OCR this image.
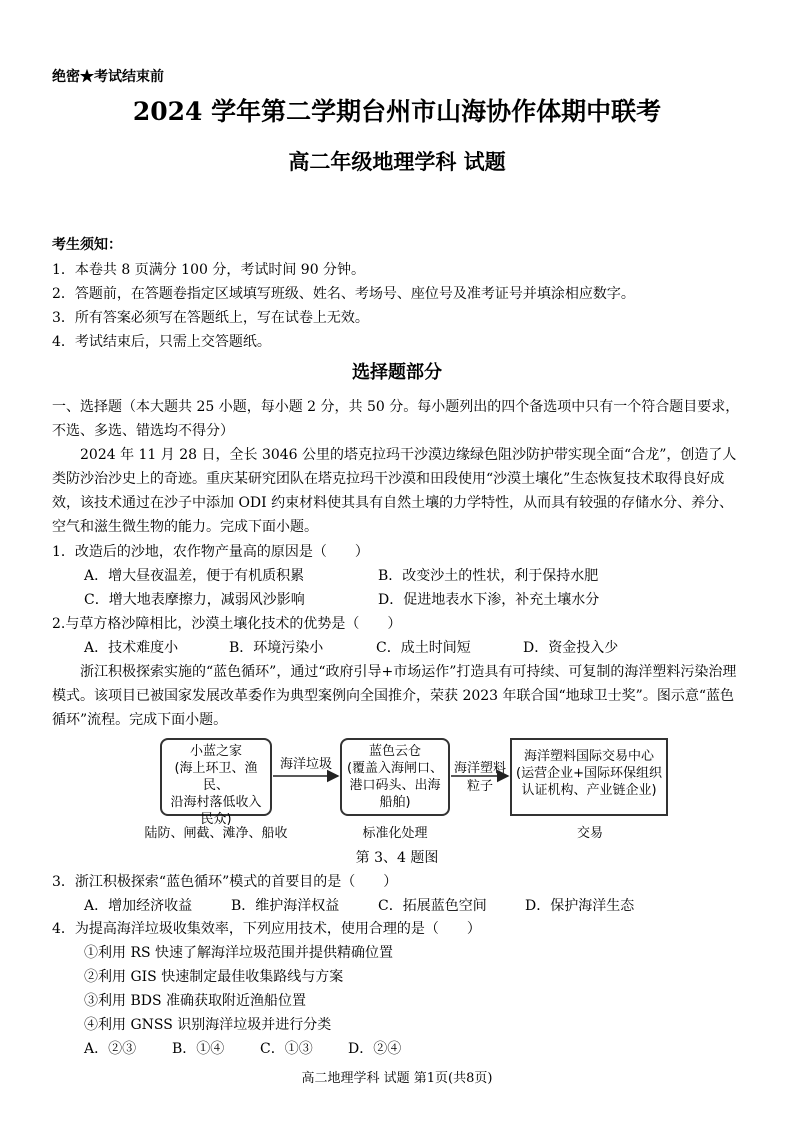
绝密★考试结束前
2024 学年第二学期台州市山海协作体期中联考
高二年级地理学科 试题
考生须知：
1．本卷共 8 页满分 100 分，考试时间 90 分钟。
2．答题前，在答题卷指定区域填写班级、姓名、考场号、座位号及准考证号并填涂相应数字。
3．所有答案必须写在答题纸上，写在试卷上无效。
4．考试结束后，只需上交答题纸。
选择题部分
一、选择题（本大题共 25 小题，每小题 2 分，共 50 分。每小题列出的四个备选项中只有一个符合题目要求，不选、多选、错选均不得分）
2024 年 11 月 28 日，全长 3046 公里的塔克拉玛干沙漠边缘绿色阻沙防护带实现全面“合龙”，创造了人类防沙治沙史上的奇迹。重庆某研究团队在塔克拉玛干沙漠和田段使用“沙漠土壤化”生态恢复技术取得良好成效，该技术通过在沙子中添加 ODI 约束材料使其具有自然土壤的力学特性，从而具有较强的存储水分、养分、空气和滋生微生物的能力。完成下面小题。
1．改造后的沙地，农作物产量高的原因是（　　）
A．增大昼夜温差，便于有机质积累	B．改变沙土的性状，利于保持水肥
C．增大地表摩擦力，减弱风沙影响	D．促进地表水下渗，补充土壤水分
2.与草方格沙障相比，沙漠土壤化技术的优势是（　　）
A．技术难度小	B．环境污染小	C．成土时间短	D．资金投入少
浙江积极探索实施的“蓝色循环”，通过“政府引导+市场运作”打造具有可持续、可复制的海洋塑料污染治理模式。该项目已被国家发展改革委作为典型案例向全国推介，荣获 2023 年联合国“地球卫士奖”。图示意“蓝色循环”流程。完成下面小题。
小蓝之家
(海上环卫、渔民、
沿海村落低收入
民众)
蓝色云仓
(覆盖入海闸口、
港口码头、出海
船舶)
海洋塑料国际交易中心
(运营企业+国际环保组织
认证机构、产业链企业)
海洋垃圾	海洋塑料
粒子
陆防、闸截、滩净、船收	标准化处理	交易
第 3、4 题图
3．浙江积极探索“蓝色循环”模式的首要目的是（　　）
A．增加经济收益	B．维护海洋权益	C．拓展蓝色空间	D．保护海洋生态
4．为提高海洋垃圾收集效率，下列应用技术，使用合理的是（　　）
①利用 RS 快速了解海洋垃圾范围并提供精确位置
②利用 GIS 快速制定最佳收集路线与方案
③利用 BDS 准确获取附近渔船位置
④利用 GNSS 识别海洋垃圾并进行分类
A．②③	B．①④	C．①③	D．②④
高二地理学科 试题 第1页(共8页)
